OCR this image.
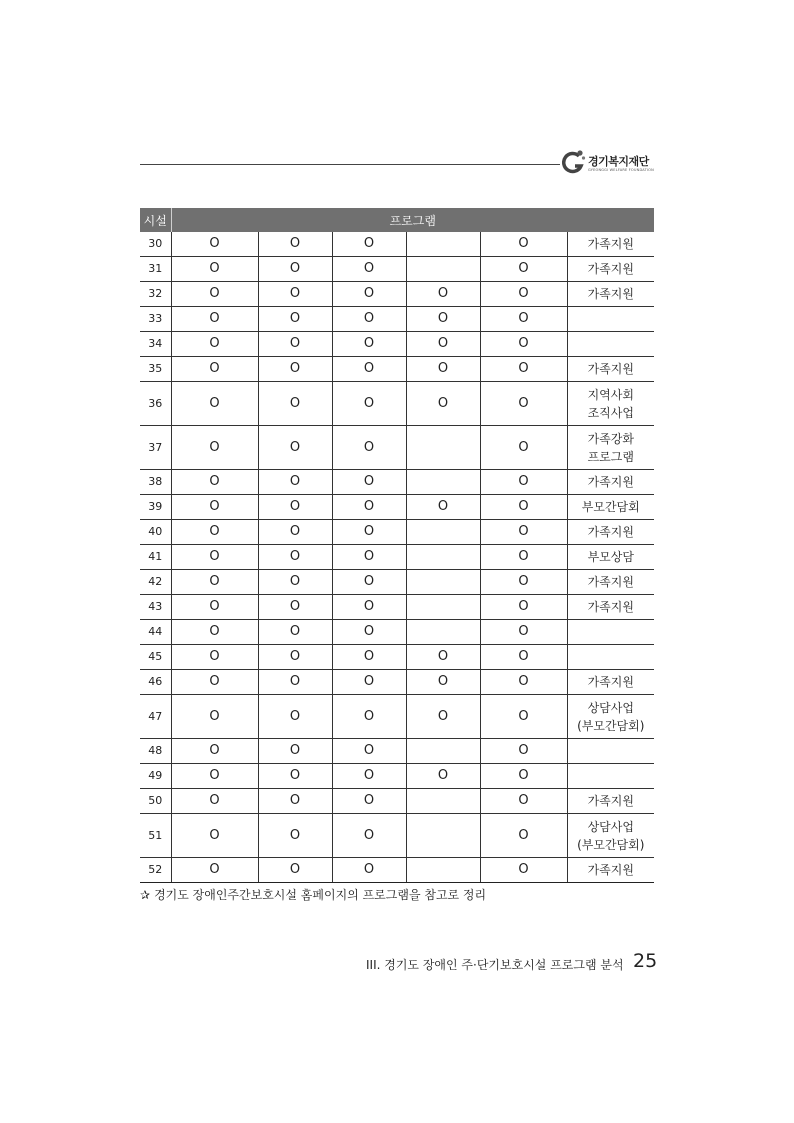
경기복지재단
GYEONGGI WELFARE FOUNDATION
시설	프로그램					
30	O	O	O		O	가족지원

31	O	O	O		O	가족지원

32	O	O	O	O	O	가족지원

33	O	O	O	O	O	
34	O	O	O	O	O	
35	O	O	O	O	O	가족지원

36	O	O	O	O	O	지역사회
조직사업

37	O	O	O		O	가족강화
프로그램

38	O	O	O		O	가족지원

39	O	O	O	O	O	부모간담회

40	O	O	O		O	가족지원

41	O	O	O		O	부모상담

42	O	O	O		O	가족지원

43	O	O	O		O	가족지원

44	O	O	O		O	
45	O	O	O	O	O	
46	O	O	O	O	O	가족지원

47	O	O	O	O	O	상담사업
(부모간담회)

48	O	O	O		O	
49	O	O	O	O	O	
50	O	O	O		O	가족지원

51	O	O	O		O	상담사업
(부모간담회)

52	O	O	O		O	가족지원
✰ 경기도 장애인주간보호시설 홈페이지의 프로그램을 참고로 정리
III. 경기도 장애인 주·단기보호시설 프로그램 분석 25
